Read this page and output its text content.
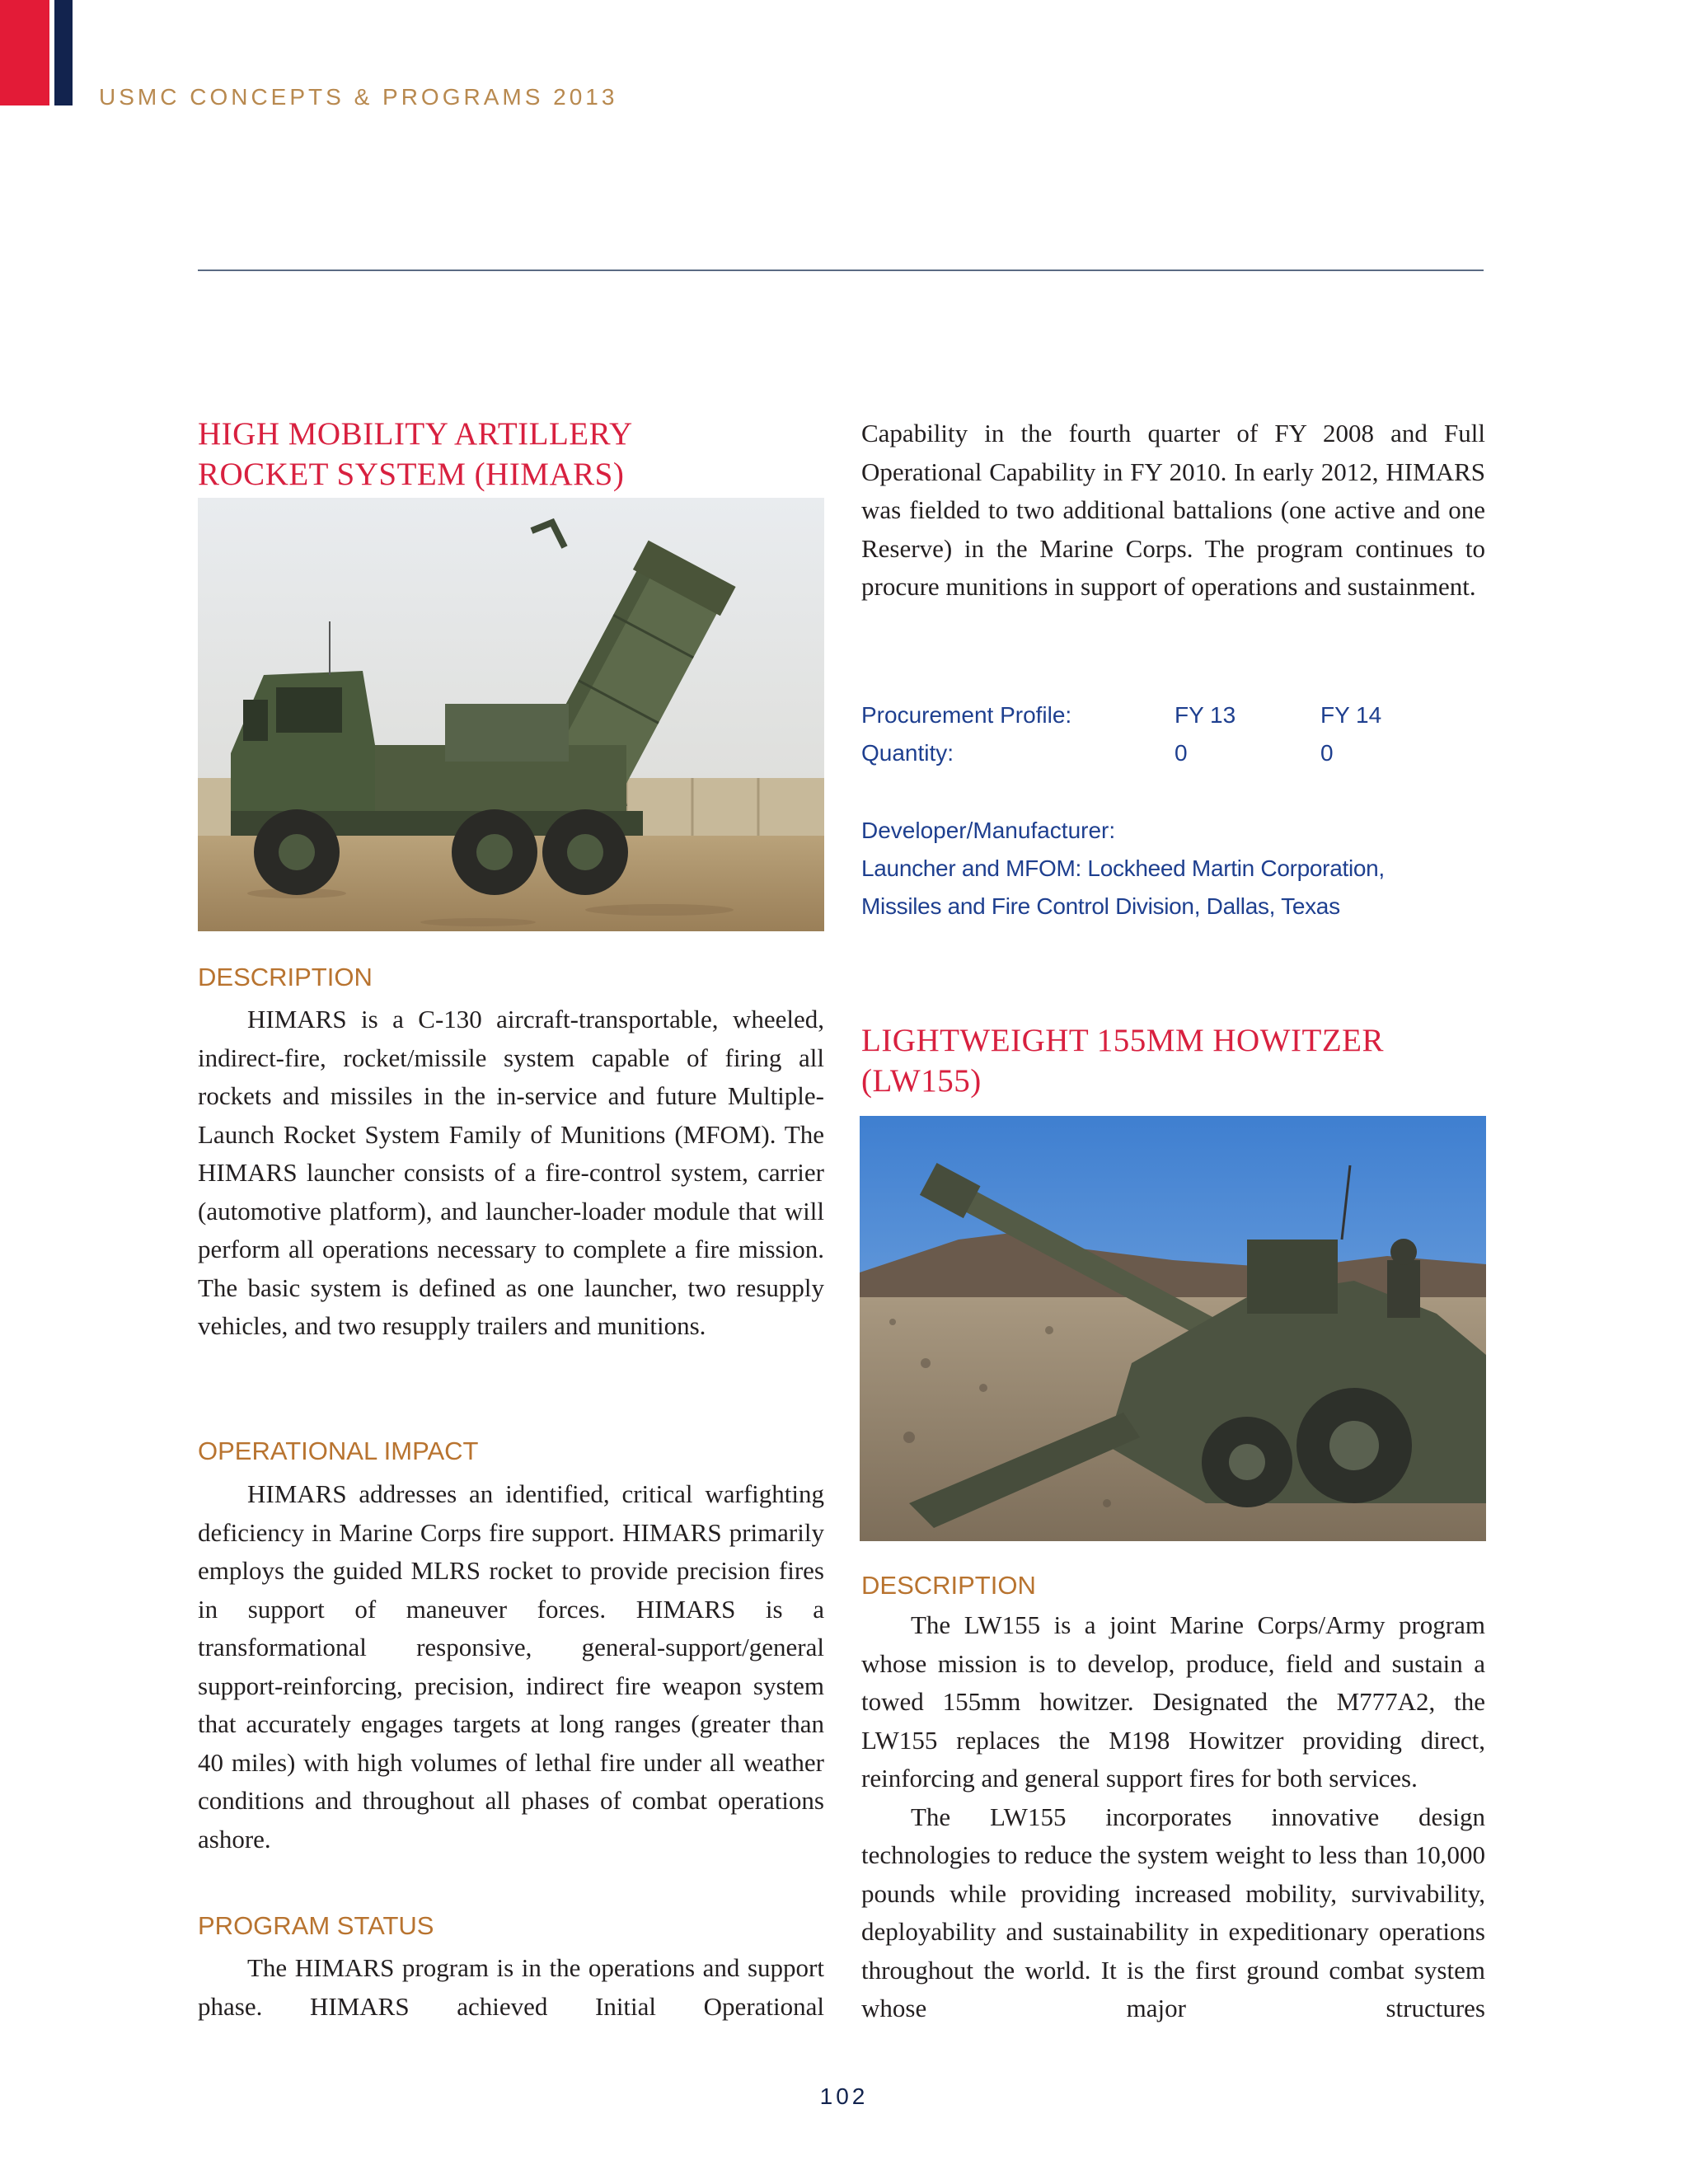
USMC CONCEPTS & PROGRAMS 2013
HIGH MOBILITY ARTILLERY
ROCKET SYSTEM (HIMARS)
DESCRIPTION

HIMARS is a C-130 aircraft-transportable, wheeled, indirect-fire, rocket/missile system capable of firing all rockets and missiles in the in-service and future Multiple-Launch Rocket System Family of Munitions (MFOM). The HIMARS launcher consists of a fire-control system, carrier (automotive platform), and launcher-loader module that will perform all operations necessary to complete a fire mission. The basic system is defined as one launcher, two resupply vehicles, and two resupply trailers and munitions.

OPERATIONAL IMPACT

HIMARS addresses an identified, critical warfighting deficiency in Marine Corps fire support. HIMARS primarily employs the guided MLRS rocket to provide precision fires in support of maneuver forces. HIMARS is a transformational responsive, general-support/general support-reinforcing, precision, indirect fire weapon system that accurately engages targets at long ranges (greater than 40 miles) with high volumes of lethal fire under all weather conditions and throughout all phases of combat operations ashore.

PROGRAM STATUS

The HIMARS program is in the operations and support phase. HIMARS achieved Initial Operational

Capability in the fourth quarter of FY 2008 and Full Operational Capability in FY 2010. In early 2012, HIMARS was fielded to two additional battalions (one active and one Reserve) in the Marine Corps. The program continues to procure munitions in support of operations and sustainment.

Procurement Profile:	FY 13	FY 14
Quantity:	0	0
Developer/Manufacturer:
Launcher and MFOM: Lockheed Martin Corporation,
Missiles and Fire Control Division, Dallas, Texas
LIGHTWEIGHT 155MM HOWITZER
(LW155)
DESCRIPTION

The LW155 is a joint Marine Corps/Army program whose mission is to develop, produce, field and sustain a towed 155mm howitzer. Designated the M777A2, the LW155 replaces the M198 Howitzer providing direct, reinforcing and general support fires for both services.

The LW155 incorporates innovative design technologies to reduce the system weight to less than 10,000 pounds while providing increased mobility, survivability, deployability and sustainability in expeditionary operations throughout the world. It is the first ground combat system whose major structures

102
